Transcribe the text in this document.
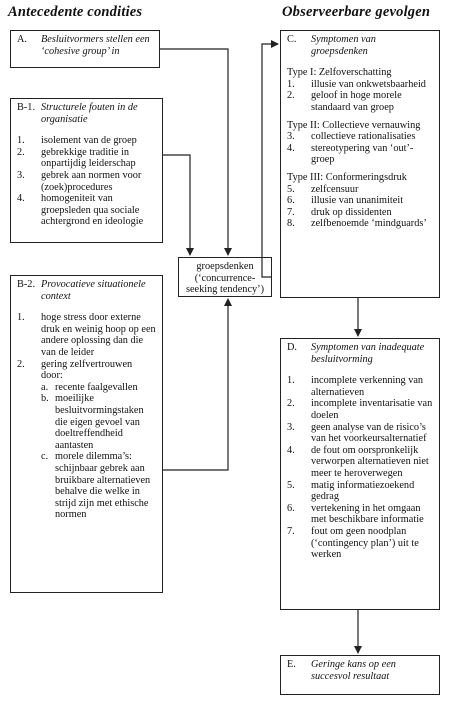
Antecedente condities	Observeerbare gevolgen
A.	Besluitvormers stellen een ‘cohesive group’ in
B-1. Structurele fouten in de organisatie
1.	isolement van de groep
2.	gebrekkige traditie in onpartijdig leiderschap
3.	gebrek aan normen voor (zoek)procedures
4.	homogeniteit van groepsleden qua sociale achtergrond en ideologie
B-2. Provocatieve situationele context
1.	hoge stress door externe druk en weinig hoop op een andere oplossing dan die van de leider
2.	gering zelfvertrouwen door:
a. recente faalgevallen
b. moeilijke besluitvormingstaken die eigen gevoel van doeltreffendheid aantasten
c. morele dilemma’s: schijnbaar gebrek aan bruikbare alternatieven behalve die welke in strijd zijn met ethische normen
groepsdenken (‘concurrence-seeking tendency’)
C.	Symptomen van groepsdenken
Type I: Zelfoverschatting
1.	illusie van onkwetsbaarheid
2.	geloof in hoge morele standaard van groep
Type II: Collectieve vernauwing
3.	collectieve rationalisaties
4.	stereotypering van ‘out’-groep
Type III: Conformeringsdruk
5.	zelfcensuur
6.	illusie van unanimiteit
7.	druk op dissidenten
8.	zelfbenoemde ‘mindguards’
D.	Symptomen van inadequate besluitvorming
1.	incomplete verkenning van alternatieven
2.	incomplete inventarisatie van doelen
3.	geen analyse van de risico’s van het voorkeursalternatief
4.	de fout om oorspronkelijk verworpen alternatieven niet meer te heroverwegen
5.	matig informatiezoekend gedrag
6.	vertekening in het omgaan met beschikbare informatie
7.	fout om geen noodplan (‘contingency plan’) uit te werken
E.	Geringe kans op een succesvol resultaat
